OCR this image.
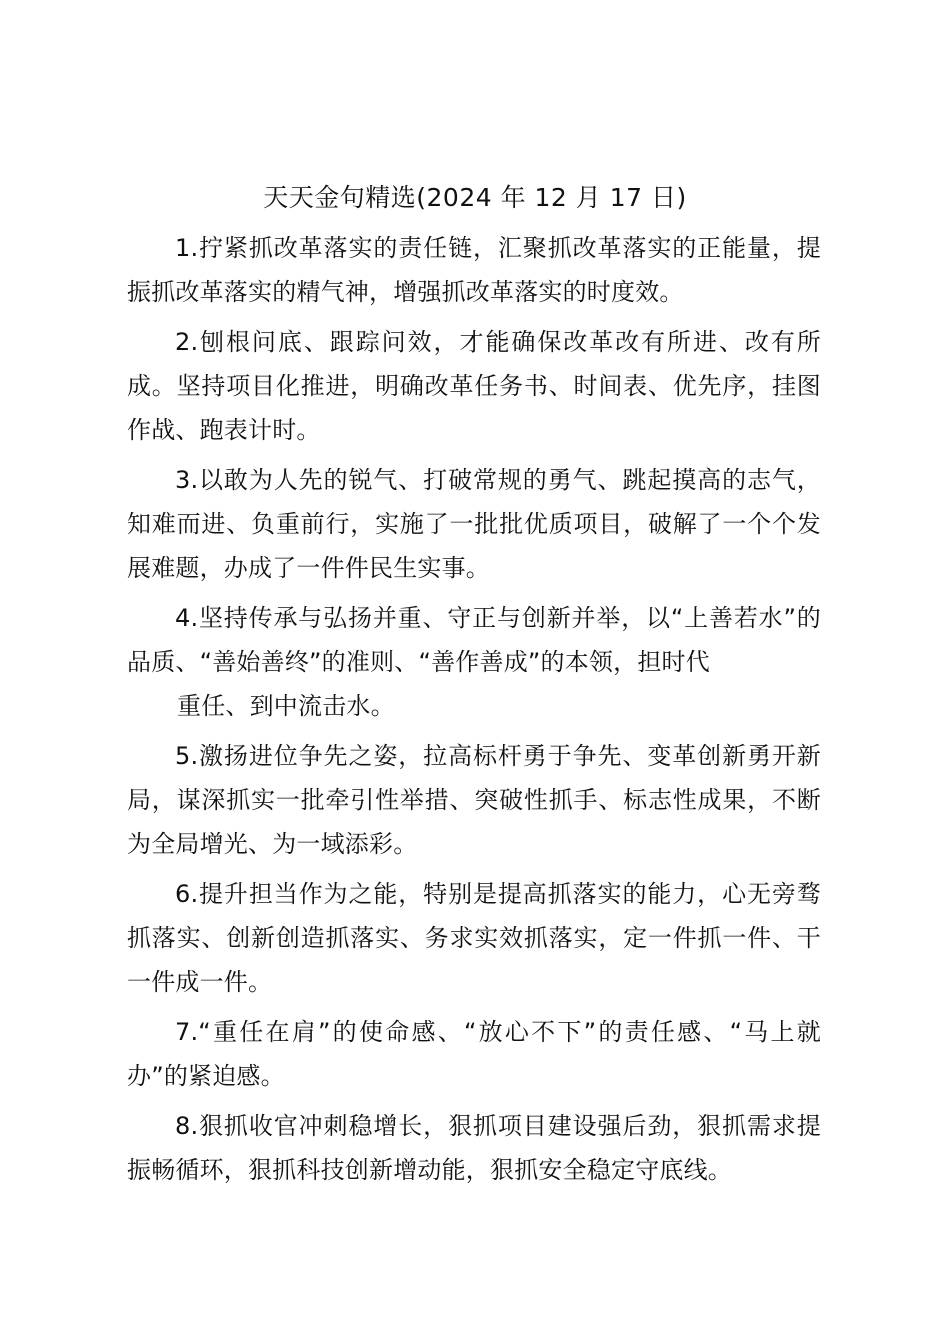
天天金句精选(2024 年 12 月 17 日)

1.拧紧抓改革落实的责任链，汇聚抓改革落实的正能量，提振抓改革落实的精气神，增强抓改革落实的时度效。

2.刨根问底、跟踪问效，才能确保改革改有所进、改有所成。坚持项目化推进，明确改革任务书、时间表、优先序，挂图作战、跑表计时。

3.以敢为人先的锐气、打破常规的勇气、跳起摸高的志气，知难而进、负重前行，实施了一批批优质项目，破解了一个个发展难题，办成了一件件民生实事。

4.坚持传承与弘扬并重、守正与创新并举，以“上善若水”的品质、“善始善终”的准则、“善作善成”的本领，担时代

重任、到中流击水。

5.激扬进位争先之姿，拉高标杆勇于争先、变革创新勇开新局，谋深抓实一批牵引性举措、突破性抓手、标志性成果，不断为全局增光、为一域添彩。

6.提升担当作为之能，特别是提高抓落实的能力，心无旁骛抓落实、创新创造抓落实、务求实效抓落实，定一件抓一件、干一件成一件。

7.“重任在肩”的使命感、“放心不下”的责任感、“马上就办”的紧迫感。

8.狠抓收官冲刺稳增长，狠抓项目建设强后劲，狠抓需求提振畅循环，狠抓科技创新增动能，狠抓安全稳定守底线。
